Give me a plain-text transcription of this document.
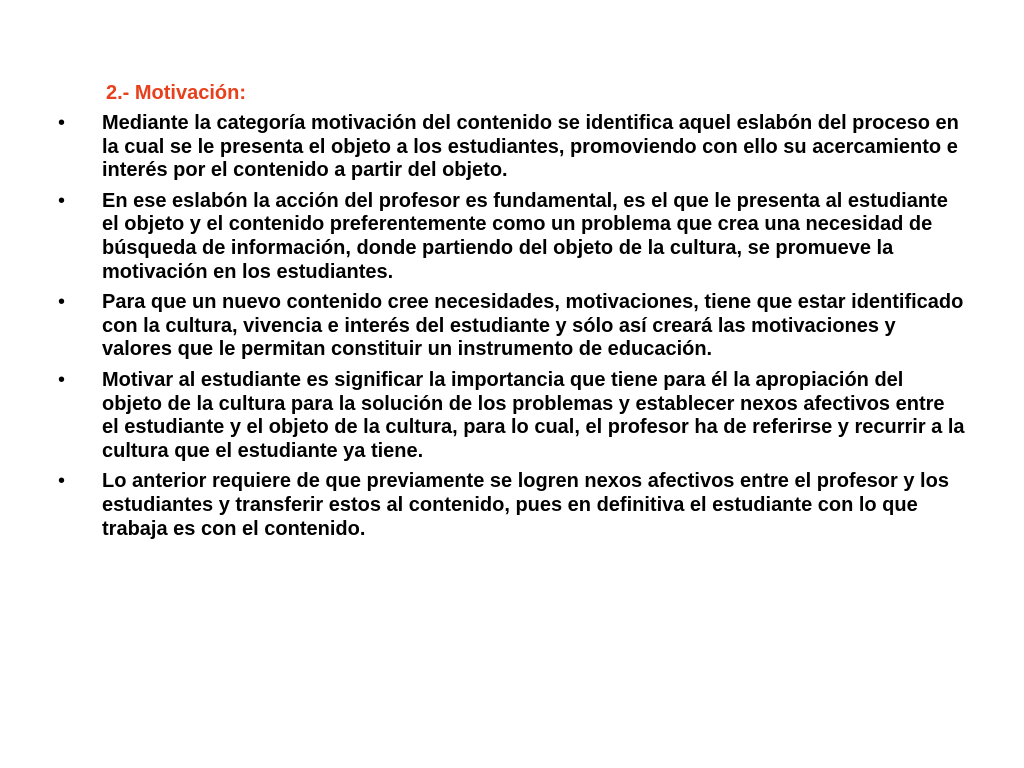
2.- Motivación:
•	Mediante la categoría motivación del contenido se identifica aquel eslabón del proceso en la cual se le presenta el objeto a los estudiantes, promoviendo con ello su acercamiento e interés por el contenido a partir del objeto.
•	En ese eslabón la acción del profesor es fundamental, es el que le presenta al estudiante el objeto y el contenido preferentemente como un problema que crea una necesidad de búsqueda de información, donde partiendo del objeto de la cultura, se promueve la motivación en los estudiantes.
•	Para que un nuevo contenido cree necesidades, motivaciones, tiene que estar identificado con la cultura, vivencia e interés del estudiante y sólo así creará las motivaciones y valores que le permitan constituir un instrumento de educación.
•	Motivar al estudiante es significar la importancia que tiene para él la apropiación del objeto de la cultura para la solución de los problemas y establecer nexos afectivos entre el estudiante y el objeto de la cultura, para lo cual, el profesor ha de referirse y recurrir a la cultura que el estudiante ya tiene.
•	Lo anterior requiere de que previamente se logren nexos afectivos entre el profesor y los estudiantes y transferir estos al contenido, pues en definitiva el estudiante con lo que trabaja es con el contenido.
